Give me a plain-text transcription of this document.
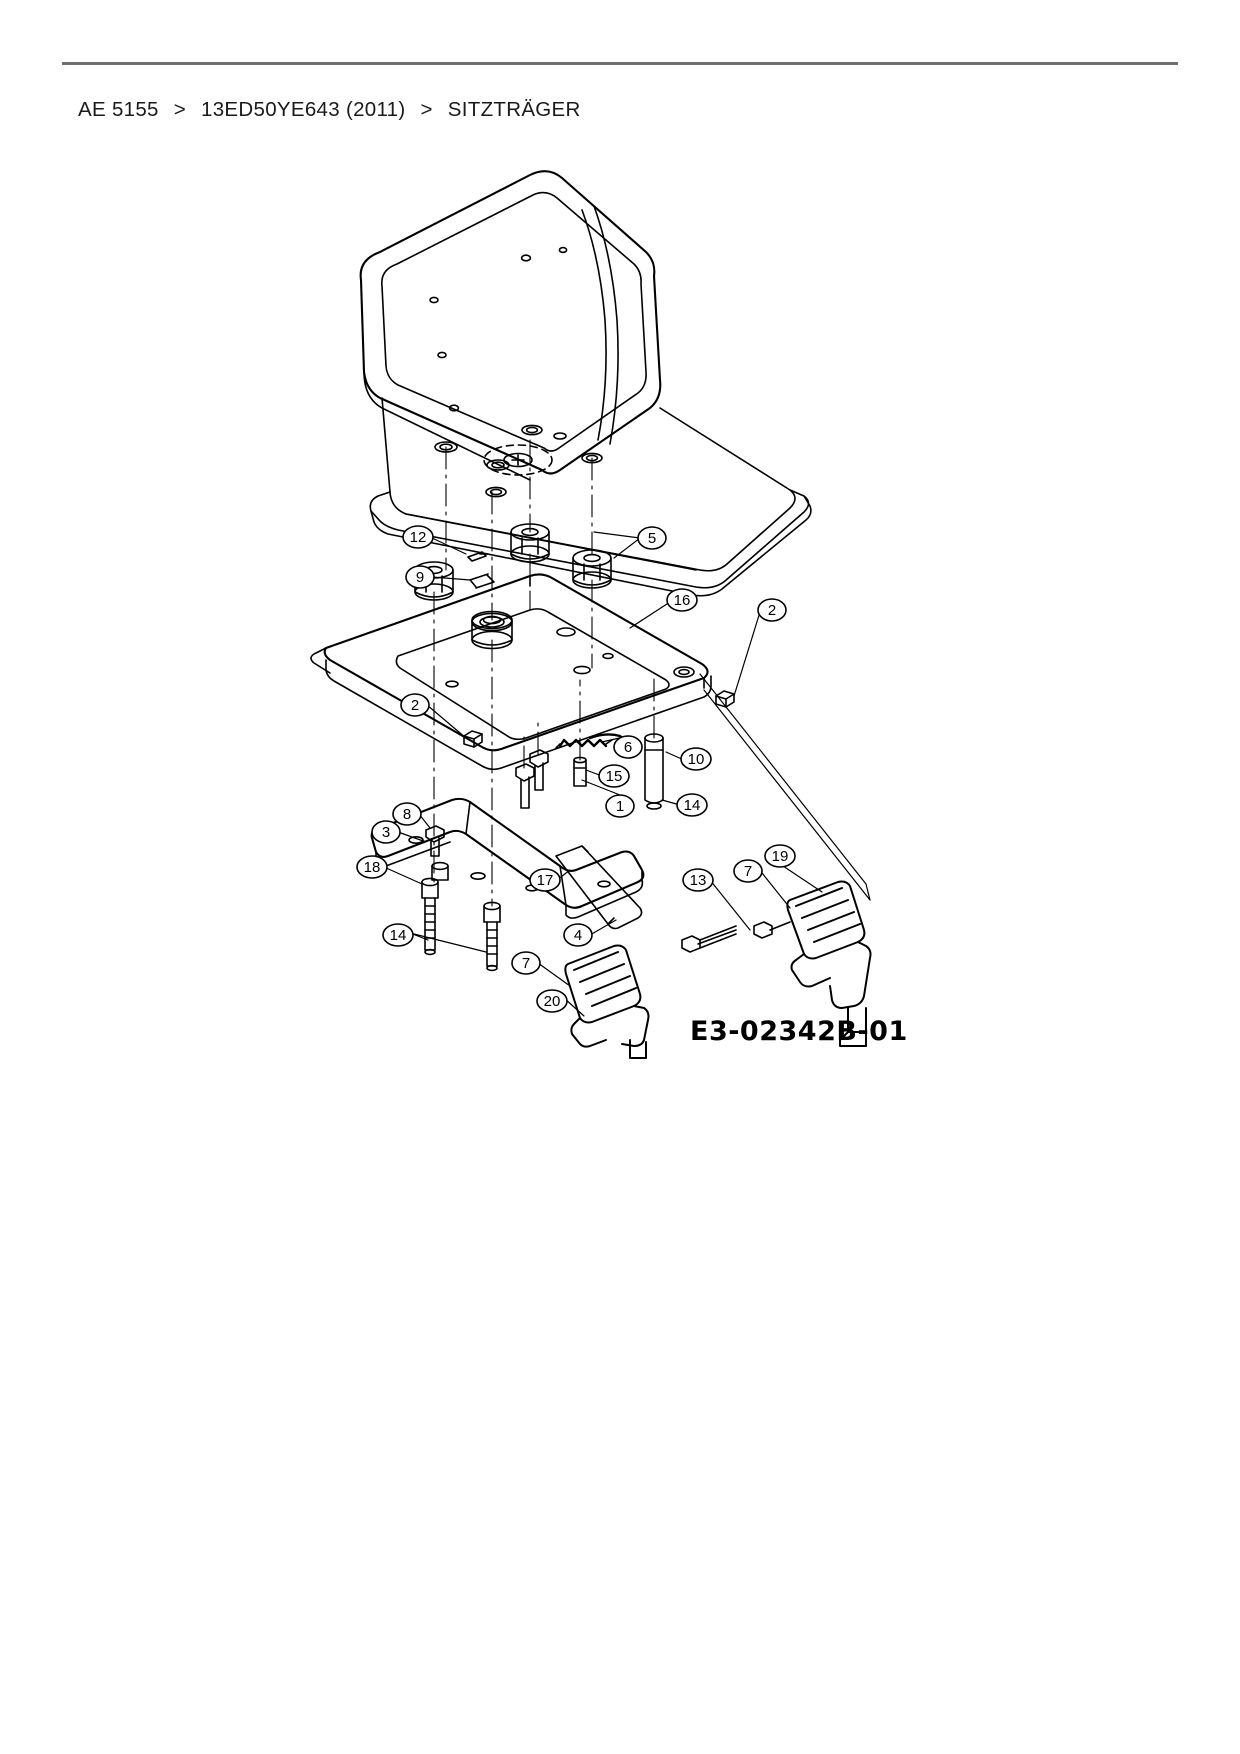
AE 5155 > 13ED50YE643 (2011) > SITZTRÄGER
12	5
9
16
2
2
6
10
15
1	14
8
3
19
18
17	13
7
4
14
7
20
E3-02342B-01
